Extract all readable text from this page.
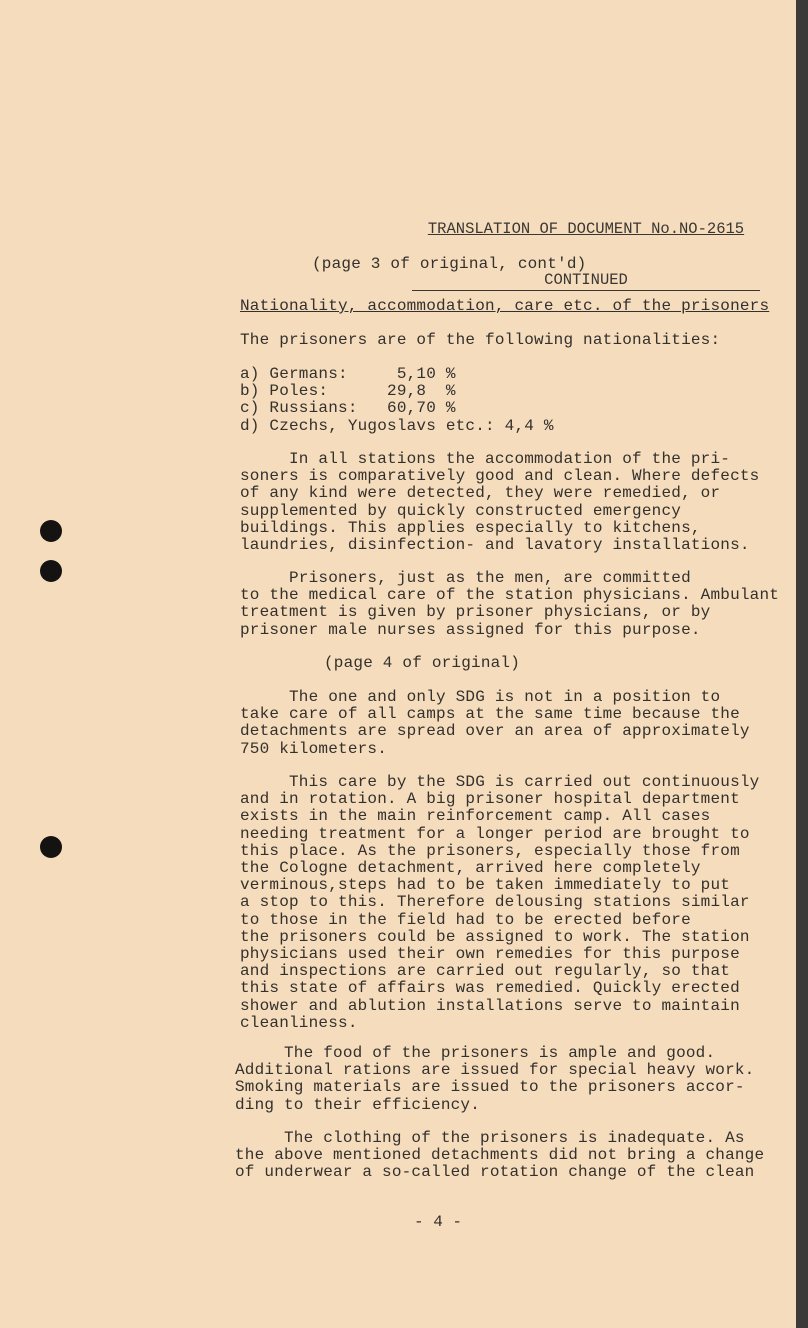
TRANSLATION OF DOCUMENT No.NO-2615

CONTINUED

(page 3 of original, cont'd)
Nationality, accommodation, care etc. of the prisoners
The prisoners are of the following nationalities:
a) Germans:     5,10 %
b) Poles:      29,8  %
c) Russians:   60,70 %
d) Czechs, Yugoslavs etc.: 4,4 %
In all stations the accommodation of the pri-
soners is comparatively good and clean. Where defects
of any kind were detected, they were remedied, or
supplemented by quickly constructed emergency
buildings. This applies especially to kitchens,
laundries, disinfection- and lavatory installations.
Prisoners, just as the men, are committed
to the medical care of the station physicians. Ambulant
treatment is given by prisoner physicians, or by
prisoner male nurses assigned for this purpose.
(page 4 of original)
The one and only SDG is not in a position to
take care of all camps at the same time because the
detachments are spread over an area of approximately
750 kilometers.
This care by the SDG is carried out continuously
and in rotation. A big prisoner hospital department
exists in the main reinforcement camp. All cases
needing treatment for a longer period are brought to
this place. As the prisoners, especially those from
the Cologne detachment, arrived here completely
verminous,steps had to be taken immediately to put
a stop to this. Therefore delousing stations similar
to those in the field had to be erected before
the prisoners could be assigned to work. The station
physicians used their own remedies for this purpose
and inspections are carried out regularly, so that
this state of affairs was remedied. Quickly erected
shower and ablution installations serve to maintain
cleanliness.
The food of the prisoners is ample and good.
Additional rations are issued for special heavy work.
Smoking materials are issued to the prisoners accor-
ding to their efficiency.
The clothing of the prisoners is inadequate. As
the above mentioned detachments did not bring a change
of underwear a so-called rotation change of the clean
- 4 -
